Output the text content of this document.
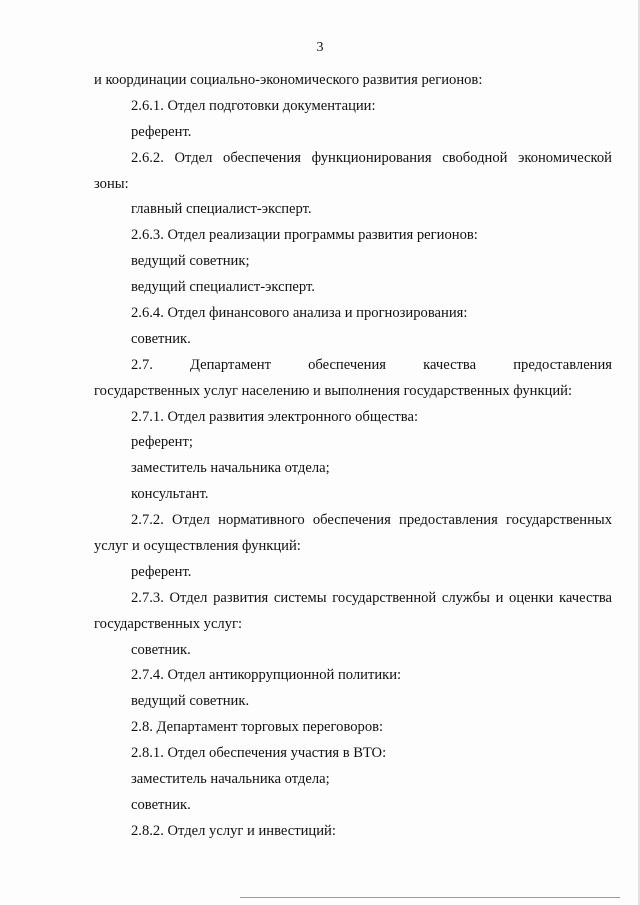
3
и координации социально-экономического развития регионов:
2.6.1. Отдел подготовки документации:
референт.
2.6.2. Отдел обеспечения функционирования свободной экономической
зоны:
главный специалист-эксперт.
2.6.3. Отдел реализации программы развития регионов:
ведущий советник;
ведущий специалист-эксперт.
2.6.4. Отдел финансового анализа и прогнозирования:
советник.
2.7. Департамент обеспечения качества предоставления
государственных услуг населению и выполнения государственных функций:
2.7.1. Отдел развития электронного общества:
референт;
заместитель начальника отдела;
консультант.
2.7.2. Отдел нормативного обеспечения предоставления государственных
услуг и осуществления функций:
референт.
2.7.3. Отдел развития системы государственной службы и оценки качества
государственных услуг:
советник.
2.7.4. Отдел антикоррупционной политики:
ведущий советник.
2.8. Департамент торговых переговоров:
2.8.1. Отдел обеспечения участия в ВТО:
заместитель начальника отдела;
советник.
2.8.2. Отдел услуг и инвестиций:
